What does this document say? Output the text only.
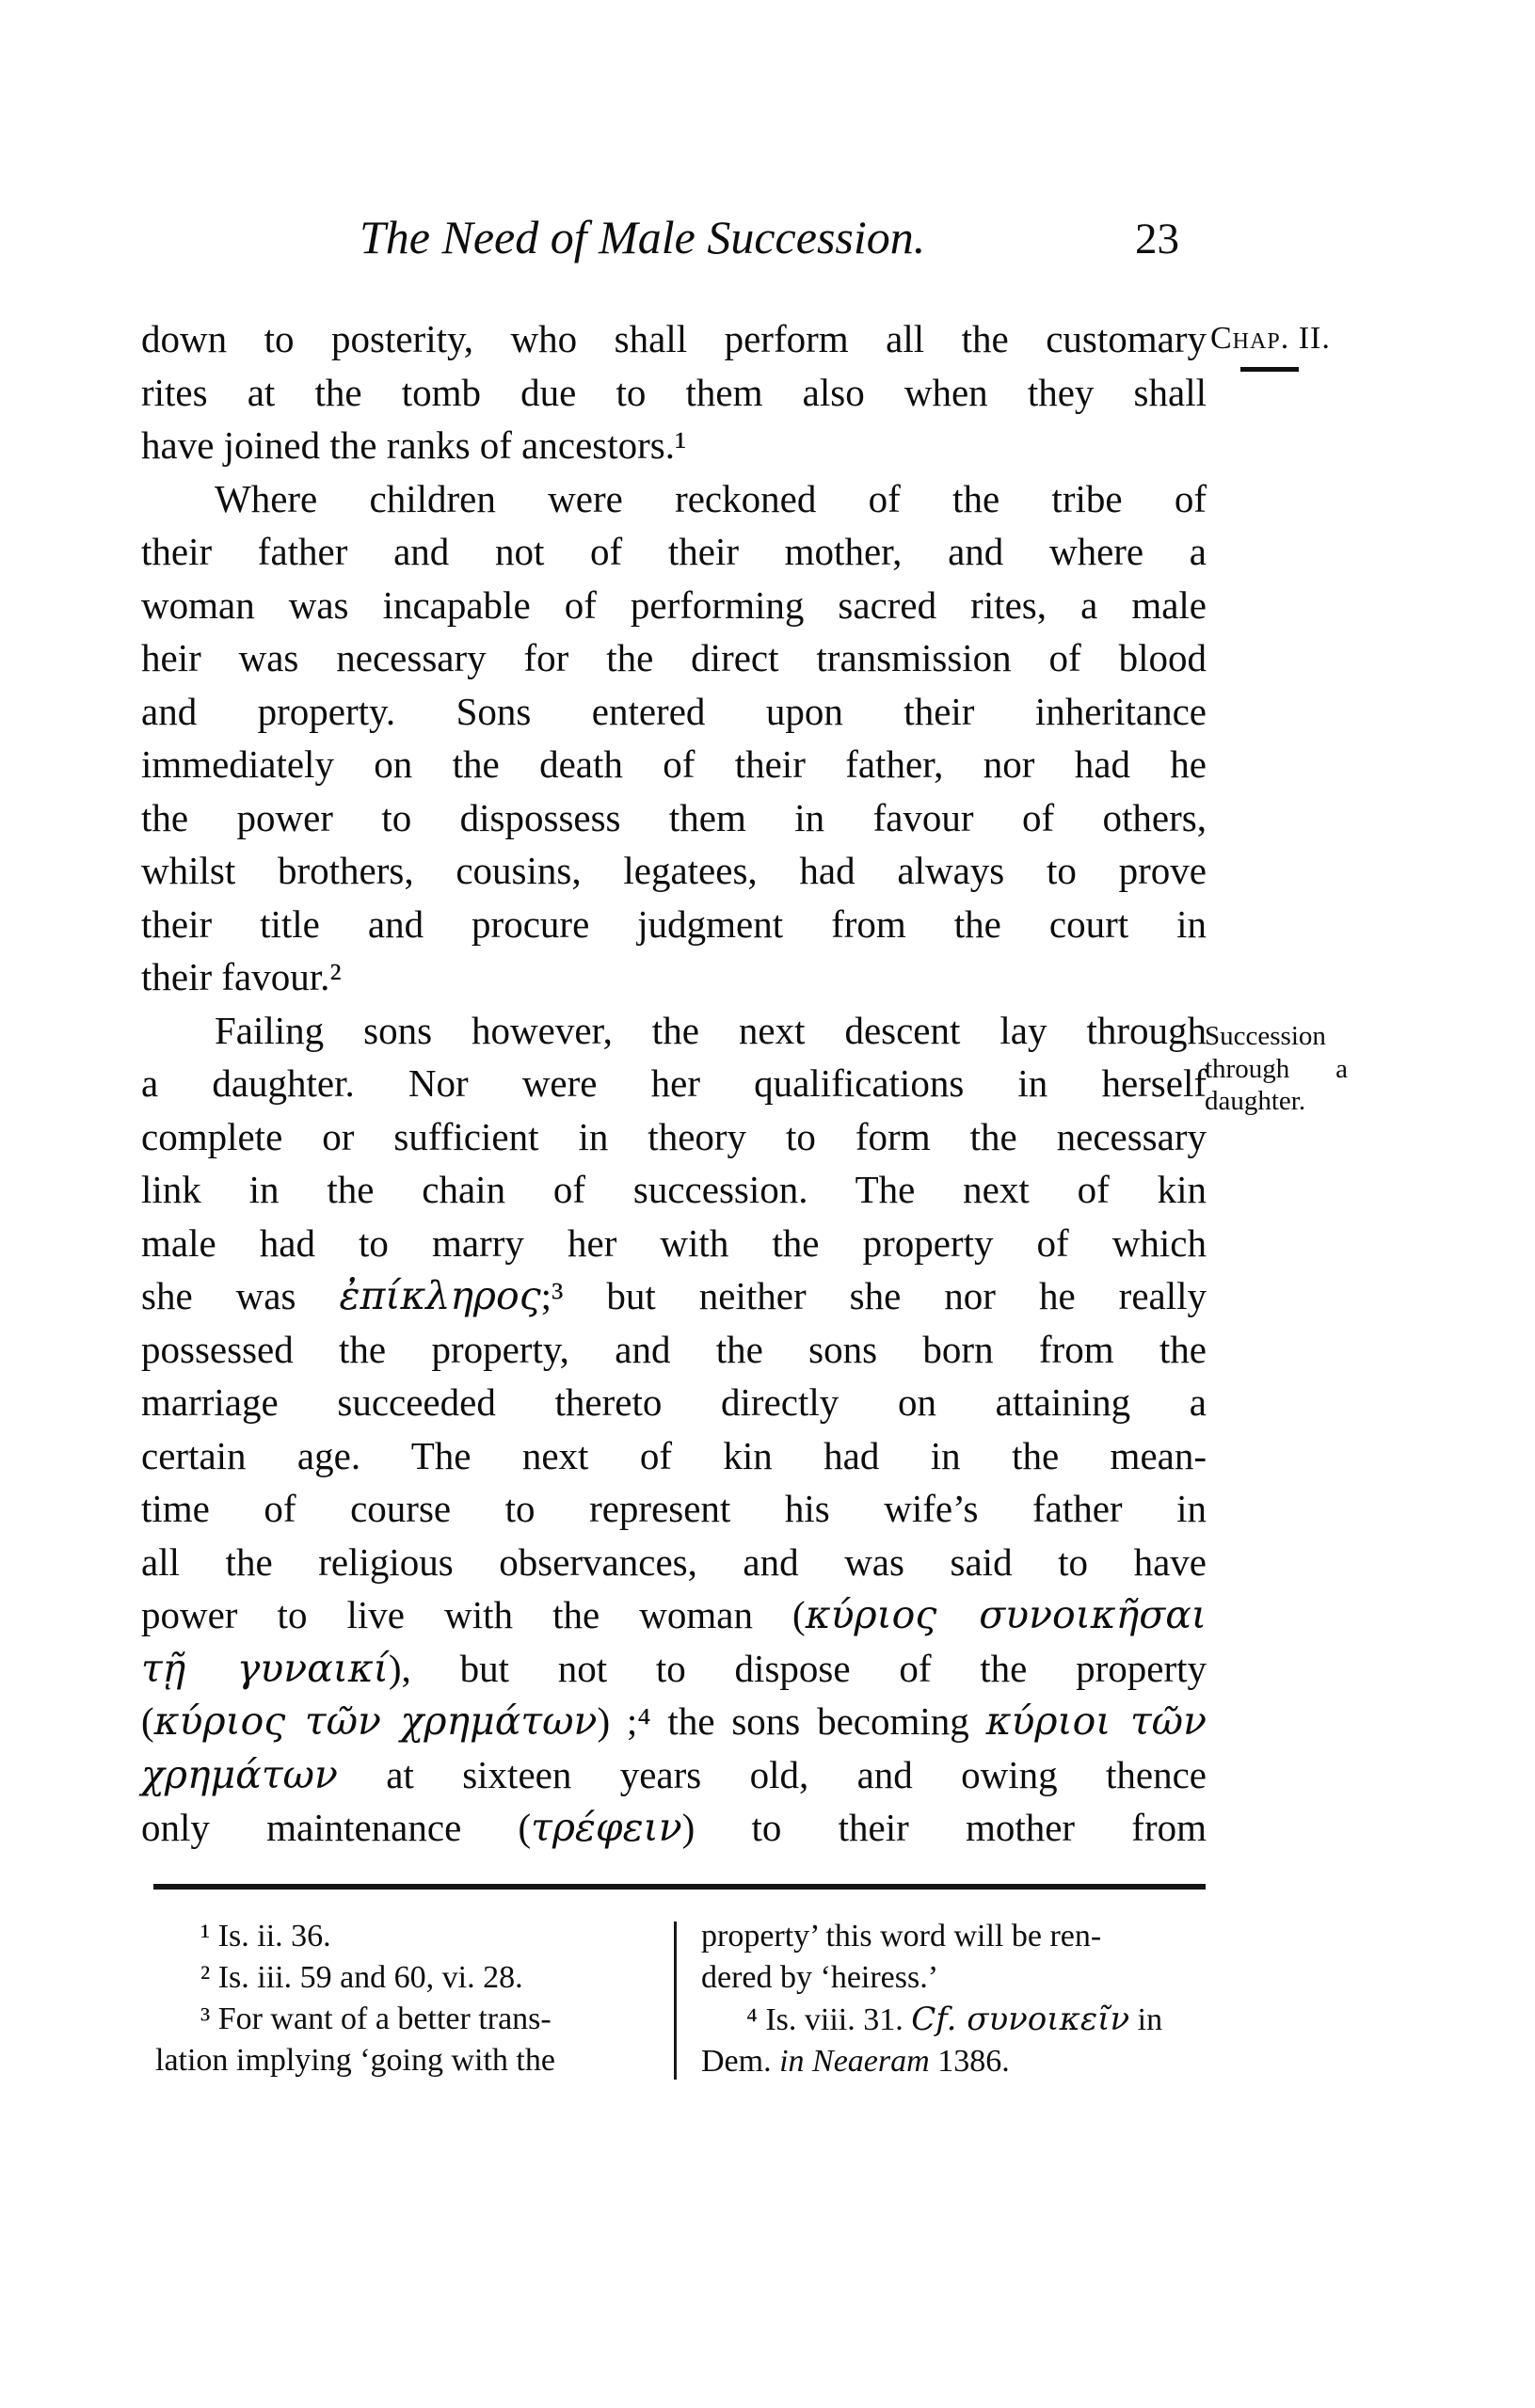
The Need of Male Succession.	23
Chap. II.
down to posterity, who shall perform all the customary
rites at the tomb due to them also when they shall
have joined the ranks of ancestors.¹
Where children were reckoned of the tribe of
their father and not of their mother, and where a
woman was incapable of performing sacred rites, a male
heir was necessary for the direct transmission of blood
and property. Sons entered upon their inheritance
immediately on the death of their father, nor had he
the power to dispossess them in favour of others,
whilst brothers, cousins, legatees, had always to prove
their title and procure judgment from the court in
their favour.²
Failing sons however, the next descent lay through
a daughter. Nor were her qualifications in herself
complete or sufficient in theory to form the necessary
link in the chain of succession. The next of kin
male had to marry her with the property of which
she was ἐπίκληρος;³ but neither she nor he really
possessed the property, and the sons born from the
marriage succeeded thereto directly on attaining a
certain age. The next of kin had in the mean-
time of course to represent his wife’s father in
all the religious observances, and was said to have
power to live with the woman (κύριος συνοικῆσαι
τῇ γυναικί), but not to dispose of the property
(κύριος τῶν χρημάτων) ;⁴ the sons becoming κύριοι τῶν
χρημάτων at sixteen years old, and owing thence
only maintenance (τρέφειν) to their mother from
Succession
through a
daughter.
¹ Is. ii. 36.
² Is. iii. 59 and 60, vi. 28.
³ For want of a better trans-
lation implying ‘going with the
property’ this word will be ren-
dered by ‘heiress.’
⁴ Is. viii. 31. Cf. συνοικεῖν in
Dem. in Neaeram 1386.
